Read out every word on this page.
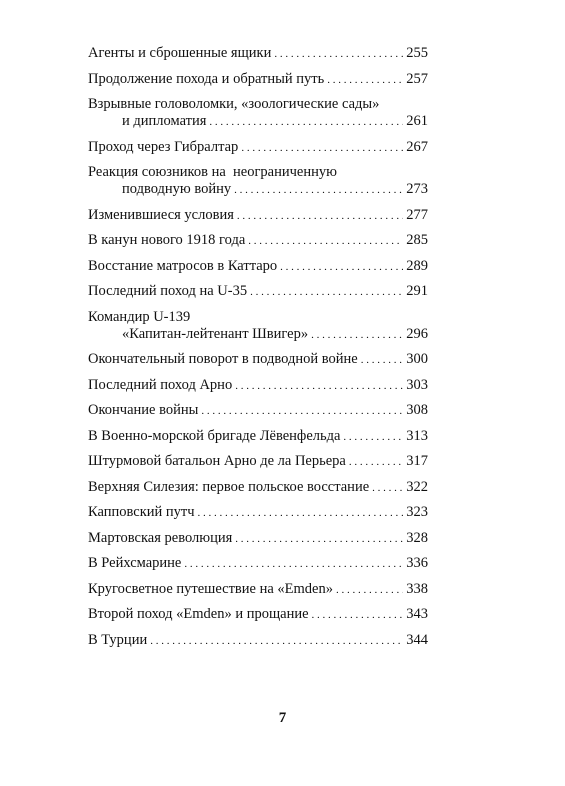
Агенты и сброшенные ящики . . .	255
Продолжение похода и обратный путь . . .	257
Взрывные головоломки, «зоологические сады»
и дипломатия . . .	261
Проход через Гибралтар . . .	267
Реакция союзников на  неограниченную
подводную войну . . .	273
Изменившиеся условия . . .	277
В канун нового 1918 года . . .	285
Восстание матросов в Каттаро . . .	289
Последний поход на U-35 . . .	291
Командир U-139
«Капитан-лейтенант Швигер» . . .	296
Окончательный поворот в подводной войне . . .	300
Последний поход Арно . . .	303
Окончание войны . . .	308
В Военно-морской бригаде Лёвенфельда . . .	313
Штурмовой батальон Арно де ла Перьера . . .	317
Верхняя Силезия: первое польское восстание . . .	322
Капповский путч . . .	323
Мартовская революция . . .	328
В Рейхсмарине . . .	336
Кругосветное путешествие на «Emden» . . .	338
Второй поход «Emden» и прощание . . .	343
В Турции . . .	344
7
